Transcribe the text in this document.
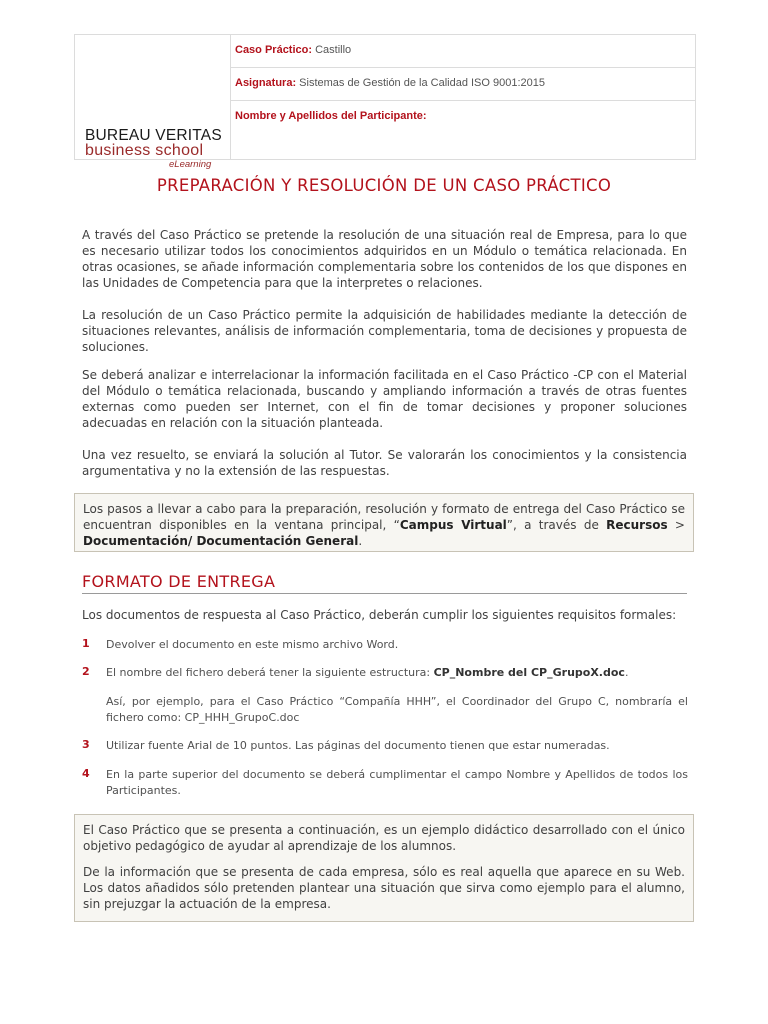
BUREAU VERITAS
business school
eLearning
Caso Práctico: Castillo
Asignatura: Sistemas de Gestión de la Calidad ISO 9001:2015
Nombre y Apellidos del Participante:
PREPARACIÓN Y RESOLUCIÓN DE UN CASO PRÁCTICO

A través del Caso Práctico se pretende la resolución de una situación real de Empresa, para lo que es necesario utilizar todos los conocimientos adquiridos en un Módulo o temática relacionada. En otras ocasiones, se añade información complementaria sobre los contenidos de los que dispones en las Unidades de Competencia para que la interpretes o relaciones.

La resolución de un Caso Práctico permite la adquisición de habilidades mediante la detección de situaciones relevantes, análisis de información complementaria, toma de decisiones y propuesta de soluciones.

Se deberá analizar e interrelacionar la información facilitada en el Caso Práctico -CP con el Material del Módulo o temática relacionada, buscando y ampliando información a través de otras fuentes externas como pueden ser Internet, con el fin de tomar decisiones y proponer soluciones adecuadas en relación con la situación planteada.

Una vez resuelto, se enviará la solución al Tutor. Se valorarán los conocimientos y la consistencia argumentativa y no la extensión de las respuestas.

Los pasos a llevar a cabo para la preparación, resolución y formato de entrega del Caso Práctico se encuentran disponibles en la ventana principal, “Campus Virtual”, a través de Recursos > Documentación/ Documentación General.

FORMATO DE ENTREGA

Los documentos de respuesta al Caso Práctico, deberán cumplir los siguientes requisitos formales:

1 Devolver el documento en este mismo archivo Word.

2 El nombre del fichero deberá tener la siguiente estructura: CP_Nombre del CP_GrupoX.doc.

Así, por ejemplo, para el Caso Práctico “Compañía HHH”, el Coordinador del Grupo C, nombraría el fichero como: CP_HHH_GrupoC.doc

3 Utilizar fuente Arial de 10 puntos. Las páginas del documento tienen que estar numeradas.

4 En la parte superior del documento se deberá cumplimentar el campo Nombre y Apellidos de todos los Participantes.

El Caso Práctico que se presenta a continuación, es un ejemplo didáctico desarrollado con el único objetivo pedagógico de ayudar al aprendizaje de los alumnos.

De la información que se presenta de cada empresa, sólo es real aquella que aparece en su Web. Los datos añadidos sólo pretenden plantear una situación que sirva como ejemplo para el alumno, sin prejuzgar la actuación de la empresa.
